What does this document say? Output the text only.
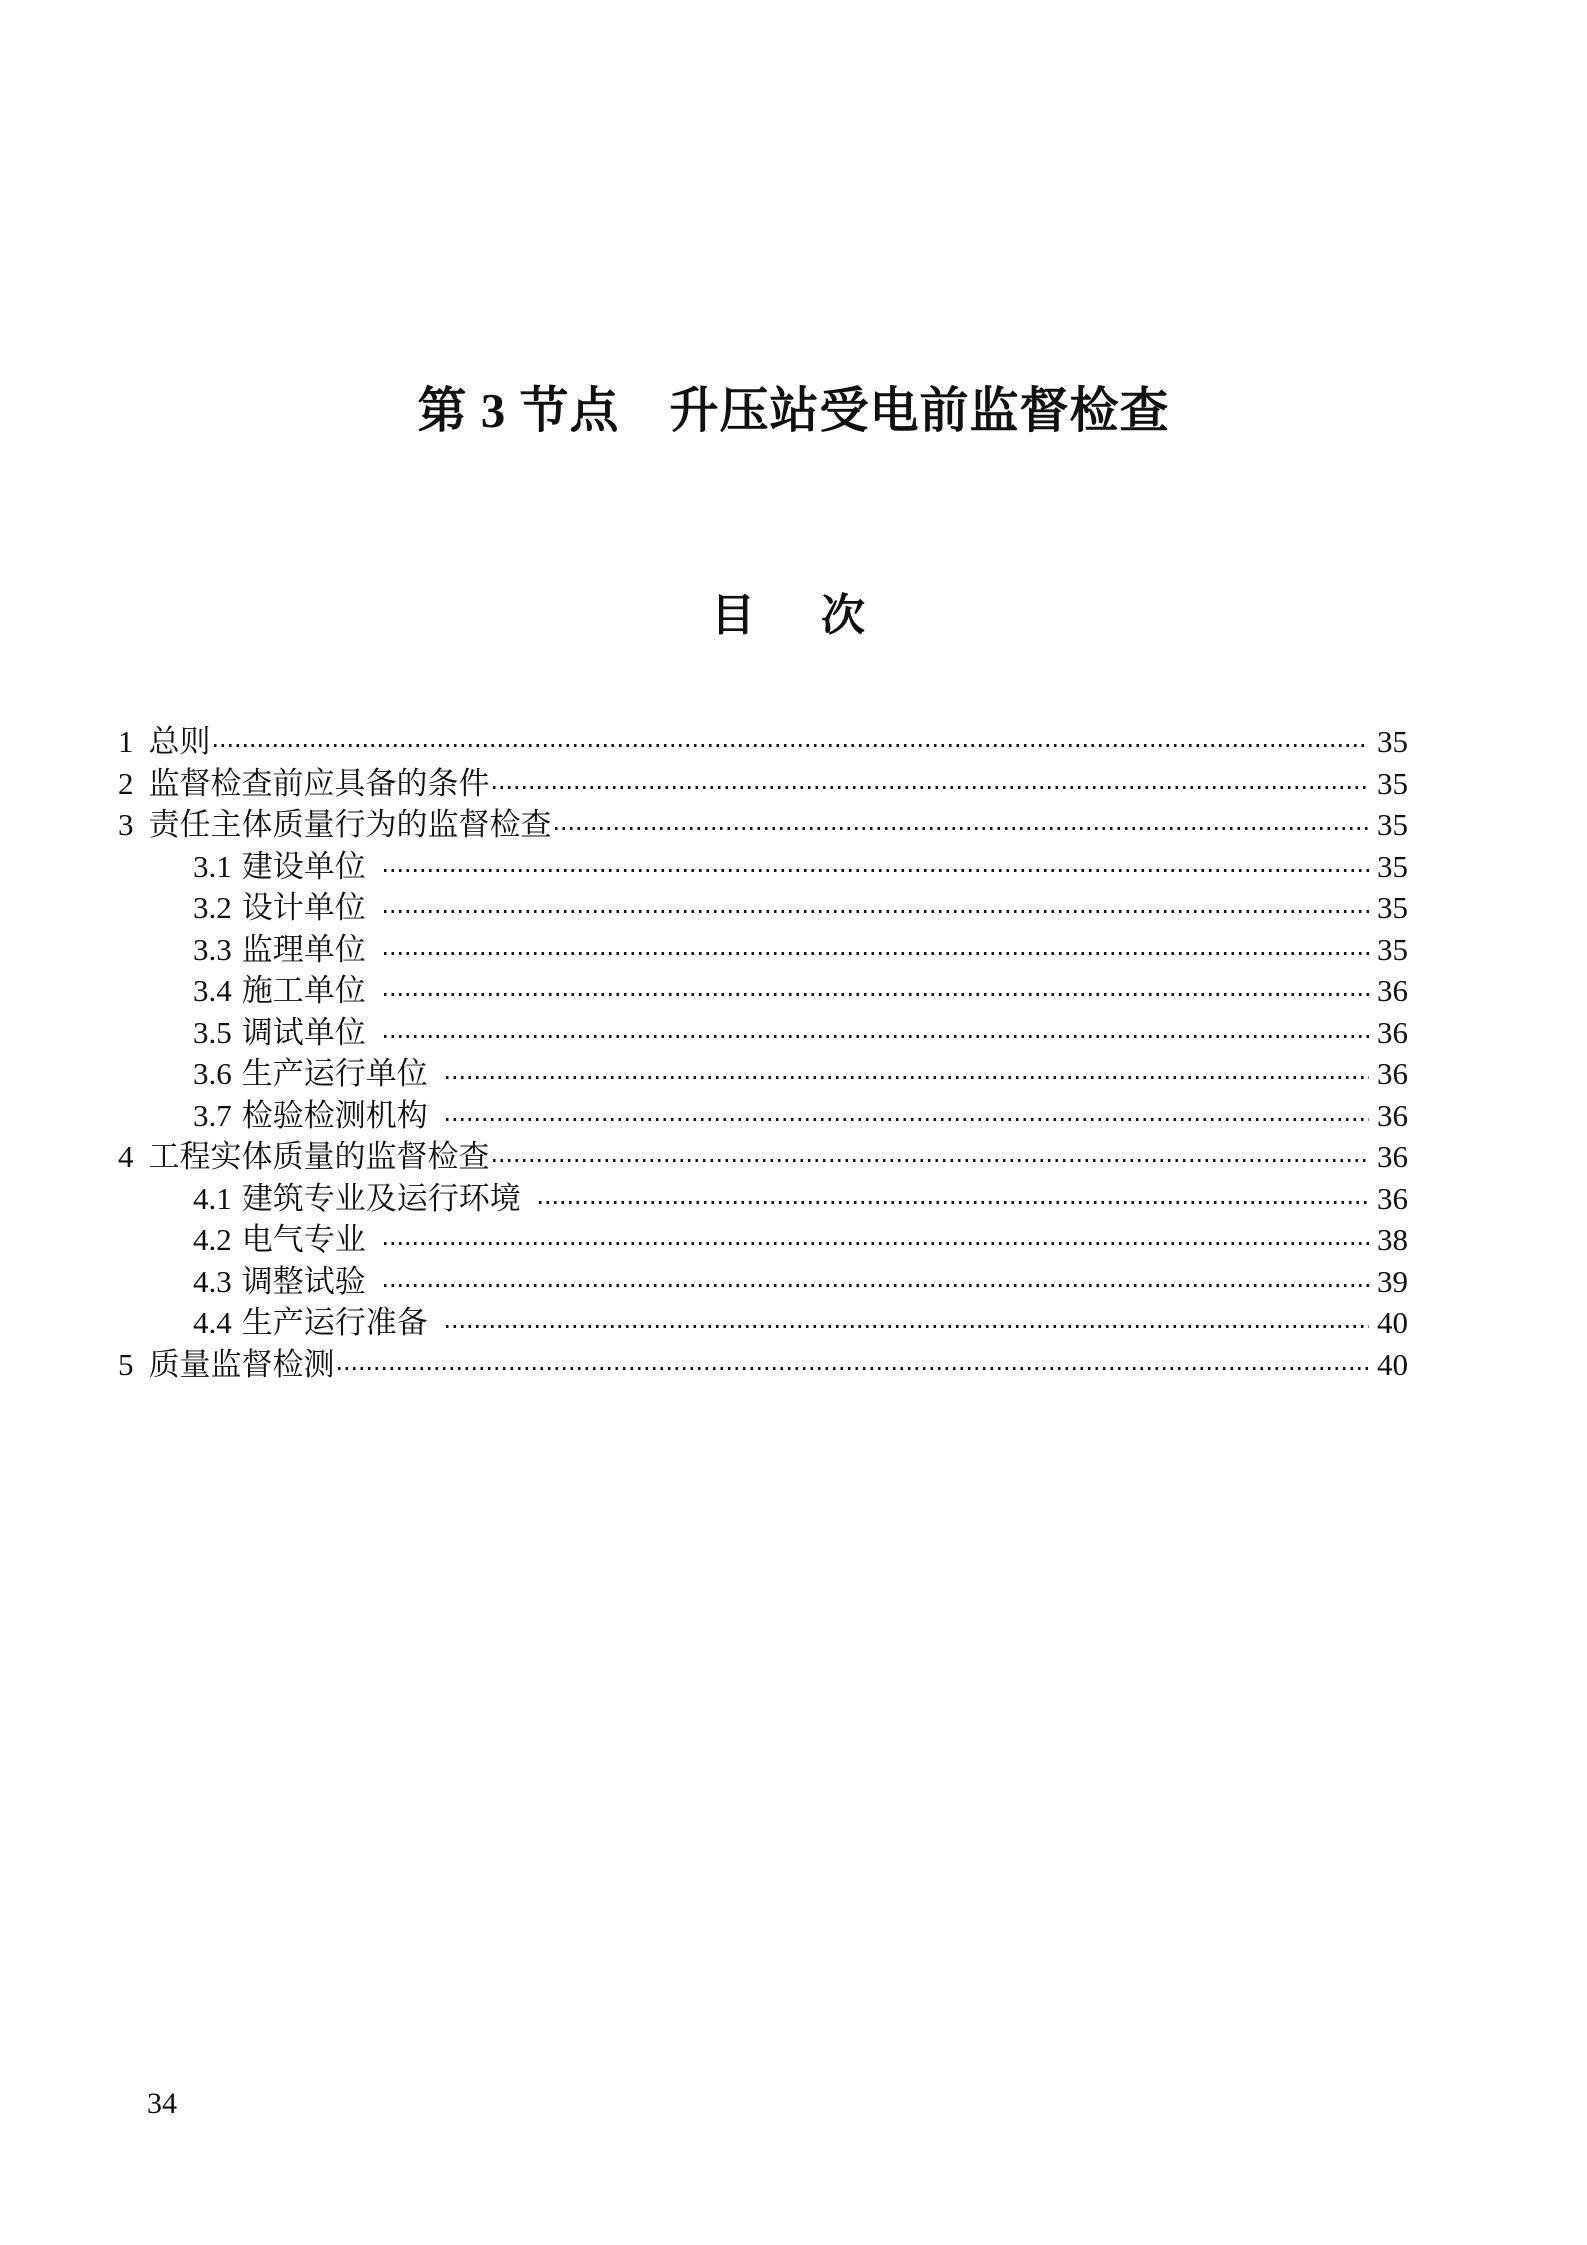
第 3 节点　升压站受电前监督检查
目　次
1 总则	35
2 监督检查前应具备的条件	35
3 责任主体质量行为的监督检查	35
3.1 建设单位	35
3.2 设计单位	35
3.3 监理单位	35
3.4 施工单位	36
3.5 调试单位	36
3.6 生产运行单位	36
3.7 检验检测机构	36
4 工程实体质量的监督检查	36
4.1 建筑专业及运行环境	36
4.2 电气专业	38
4.3 调整试验	39
4.4 生产运行准备	40
5 质量监督检测	40
34
